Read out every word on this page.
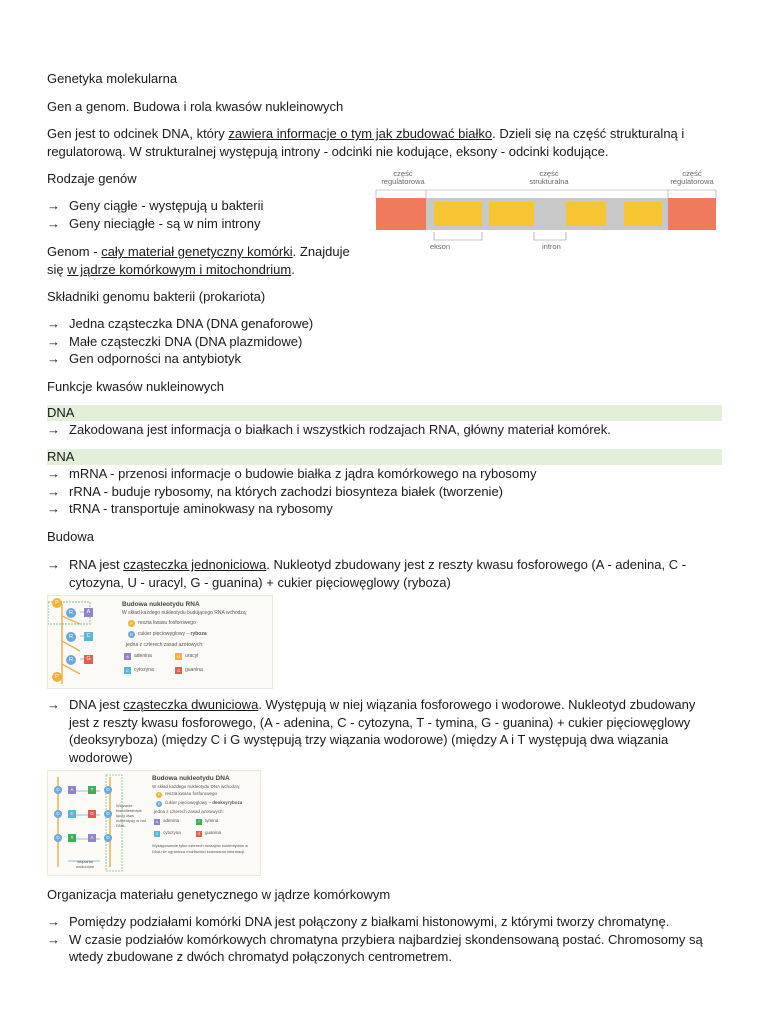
Genetyka molekularna

Gen a genom. Budowa i rola kwasów nukleinowych

Gen jest to odcinek DNA, który zawiera informacje o tym jak zbudować białko. Dzieli się na część strukturalną i regulatorową. W strukturalnej występują introny - odcinki nie kodujące, eksony - odcinki kodujące.

Rodzaje genów

→ Geny ciągłe - występują u bakterii
→ Geny nieciągłe - są w nim introny

Genom - cały materiał genetyczny komórki. Znajduje się w jądrze komórkowym i mitochondrium.

Składniki genomu bakterii (prokariota)

→ Jedna cząsteczka DNA (DNA genaforowe)
→ Małe cząsteczki DNA (DNA plazmidowe)
→ Gen odporności na antybiotyk

Funkcje kwasów nukleinowych

DNA
→ Zakodowana jest informacja o białkach i wszystkich rodzajach RNA, główny materiał komórek.
RNA
→ mRNA - przenosi informacje o budowie białka z jądra komórkowego na rybosomy
→ rRNA - buduje rybosomy, na których zachodzi biosynteza białek (tworzenie)
→ tRNA - transportuje aminokwasy na rybosomy

Budowa

→ RNA jest cząsteczka jednoniciowa. Nukleotyd zbudowany jest z reszty kwasu fosforowego (A - adenina, C - cytozyna, U - uracyl, G - guanina) + cukier pięciowęglowy (ryboza)
→ DNA jest cząsteczka dwuniciowa. Występują w niej wiązania fosforowego i wodorowe. Nukleotyd zbudowany jest z reszty kwasu fosforowego, (A - adenina, C - cytozyna, T - tymina, G - guanina) + cukier pięciowęglowy (deoksyryboza) (między C i G występują trzy wiązania wodorowe) (między A i T występują dwa wiązania wodorowe)

Organizacja materiału genetycznego w jądrze komórkowym

→ Pomiędzy podziałami komórki DNA jest połączony z białkami histonowymi, z którymi tworzy chromatynę.
→ W czasie podziałów komórkowych chromatyna przybiera najbardziej skondensowaną postać. Chromosomy są wtedy zbudowane z dwóch chromatyd połączonych centrometrem.
część
regulatorowa
część
strukturalna
część
regulatorowa
ekson	intron
P
R	A
R	C
R	G
P
Budowa nukleotydu RNA
W skład każdego nukleotydu budującego RNA wchodzą:
P	reszta kwasu fosforowego
R	cukier pięciowęglowy – ryboza
jedna z czterech zasad azotowych:
A	adenina	U	uracyl
C	cytozyna	G guanina
D	A	T	D
D	C	G	D
D	T	A	D
Wiązanie fosfodiestrowe łączy dwa nukleotydy w nici DNA.
wiązania wodorowe
Budowa nukleotydu DNA
W skład każdego nukleotydu DNA wchodzą:
P	reszta kwasu fosforowego
D	cukier pięciowęglowy – deoksyryboza
jedna z czterech zasad azotowych:
A	adenina	T	tymina
C	cytozyna	G	guanina
Występowanie tylko czterech rodzajów nukleotydów w DNA nie ogranicza możliwości kodowania informacji.
